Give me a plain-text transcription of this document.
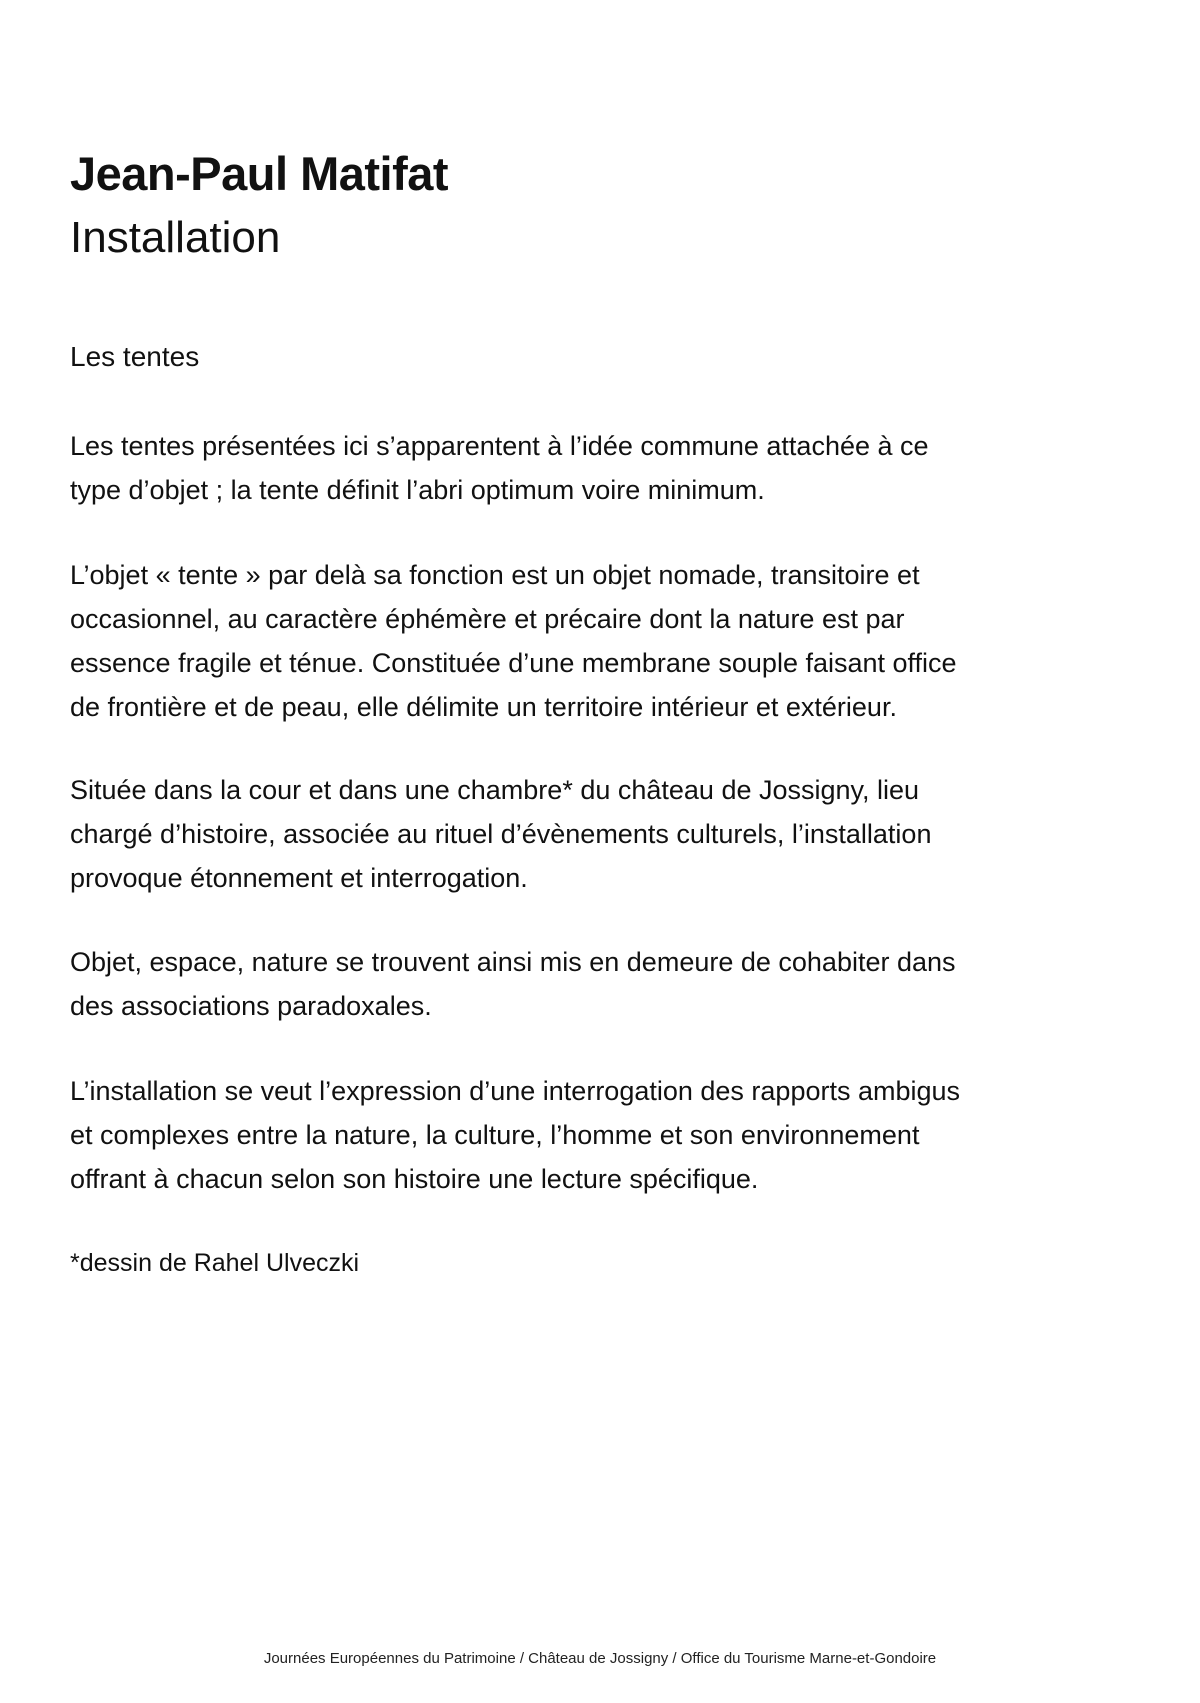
Jean-Paul Matifat
Installation
Les tentes

Les tentes présentées ici s’apparentent à l’idée commune attachée à ce
type d’objet ; la tente définit l’abri optimum voire minimum.

L’objet « tente » par delà sa fonction est un objet nomade, transitoire et
occasionnel, au caractère éphémère et précaire dont la nature est par
essence fragile et ténue. Constituée d’une membrane souple faisant office
de frontière et de peau, elle délimite un territoire intérieur et extérieur.

Située dans la cour et dans une chambre* du château de Jossigny, lieu
chargé d’histoire, associée au rituel d’évènements culturels, l’installation
provoque étonnement et interrogation.

Objet, espace, nature se trouvent ainsi mis en demeure de cohabiter dans
des associations paradoxales.

L’installation se veut l’expression d’une interrogation des rapports ambigus
et complexes entre la nature, la culture, l’homme et son environnement
offrant à chacun selon son histoire une lecture spécifique.

*dessin de Rahel Ulveczki

Journées Européennes du Patrimoine / Château de Jossigny / Office du Tourisme Marne-et-Gondoire
